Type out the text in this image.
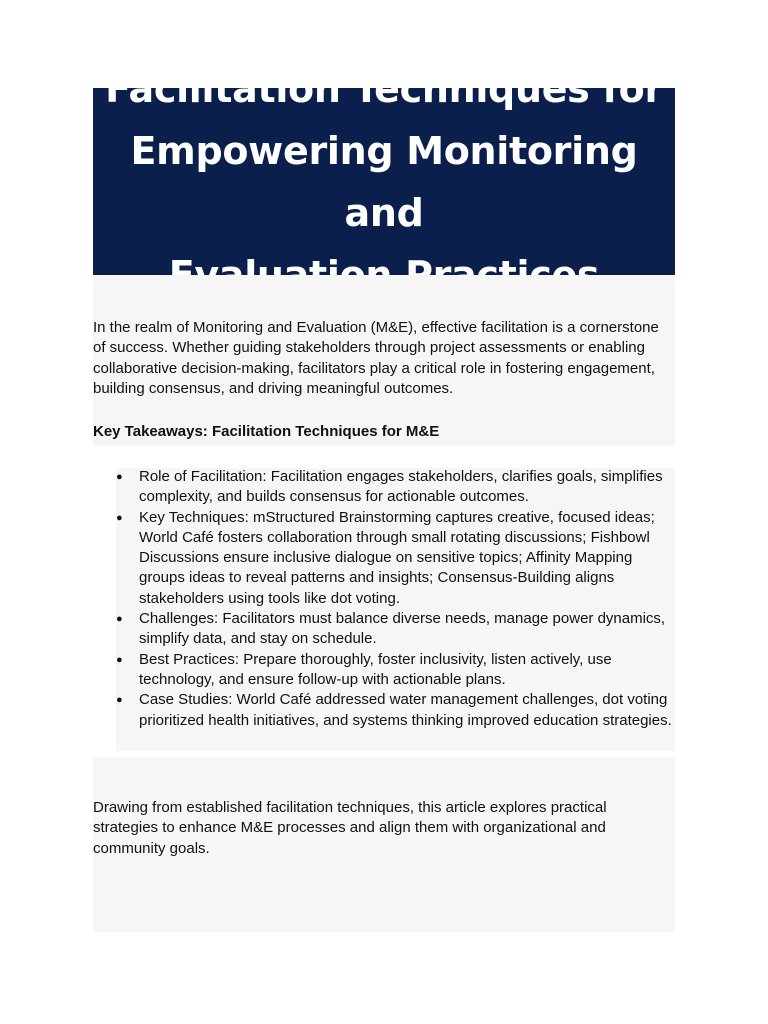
Facilitation Techniques for
Empowering Monitoring and

In the realm of Monitoring and Evaluation (M&E), effective facilitation is a cornerstone of success. Whether guiding stakeholders through project assessments or enabling collaborative decision-making, facilitators play a critical role in fostering engagement, building consensus, and driving meaningful outcomes.

Key Takeaways: Facilitation Techniques for M&E

●	Role of Facilitation: Facilitation engages stakeholders, clarifies goals, simplifies complexity, and builds consensus for actionable outcomes.
●	Key Techniques: mStructured Brainstorming captures creative, focused ideas; World Café fosters collaboration through small rotating discussions; Fishbowl Discussions ensure inclusive dialogue on sensitive topics; Affinity Mapping groups ideas to reveal patterns and insights; Consensus-Building aligns stakeholders using tools like dot voting.
●	Challenges: Facilitators must balance diverse needs, manage power dynamics, simplify data, and stay on schedule.
●	Best Practices: Prepare thoroughly, foster inclusivity, listen actively, use technology, and ensure follow-up with actionable plans.
●	Case Studies: World Café addressed water management challenges, dot voting prioritized health initiatives, and systems thinking improved education strategies.

Drawing from established facilitation techniques, this article explores practical strategies to enhance M&E processes and align them with organizational and community goals.
